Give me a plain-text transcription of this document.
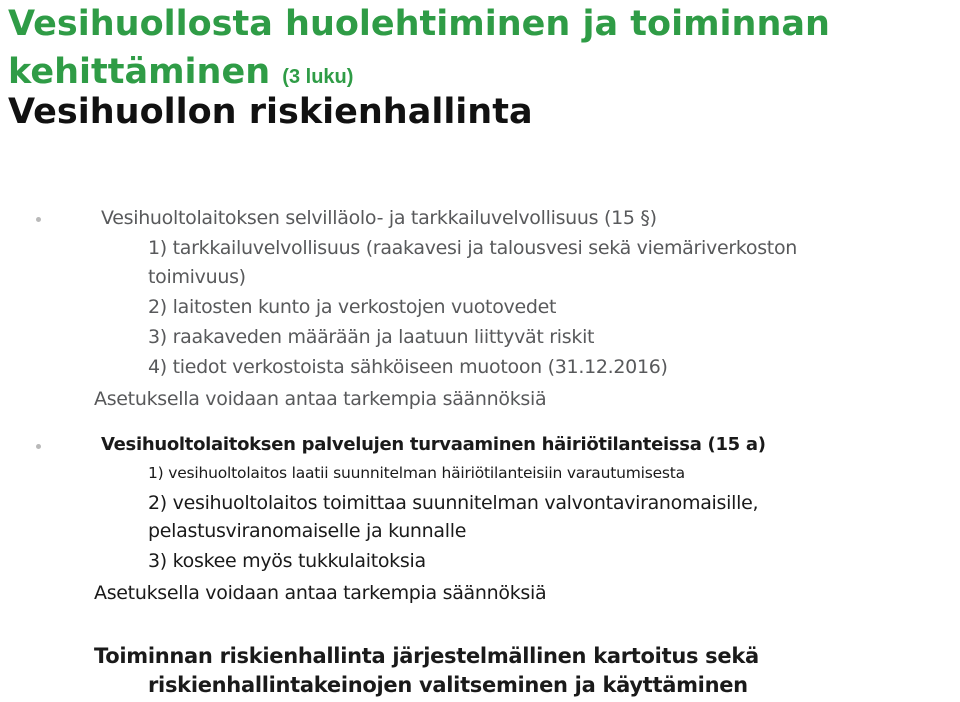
Vesihuollosta huolehtiminen ja toiminnan kehittäminen (3 luku)
Vesihuollon riskienhallinta

Vesihuoltolaitoksen selvilläolo- ja tarkkailuvelvollisuus (15 §)

1) tarkkailuvelvollisuus (raakavesi ja talousvesi sekä viemäriverkoston

toimivuus)

2) laitosten kunto ja verkostojen vuotovedet

3) raakaveden määrään ja laatuun liittyvät riskit

4) tiedot verkostoista sähköiseen muotoon (31.12.2016)

Asetuksella voidaan antaa tarkempia säännöksiä

Vesihuoltolaitoksen palvelujen turvaaminen häiriötilanteissa (15 a)

1) vesihuoltolaitos laatii suunnitelman häiriötilanteisiin varautumisesta

2) vesihuoltolaitos toimittaa suunnitelman valvontaviranomaisille,

pelastusviranomaiselle ja kunnalle

3) koskee myös tukkulaitoksia

Asetuksella voidaan antaa tarkempia säännöksiä

Toiminnan riskienhallinta järjestelmällinen kartoitus sekä

riskienhallintakeinojen valitseminen ja käyttäminen
